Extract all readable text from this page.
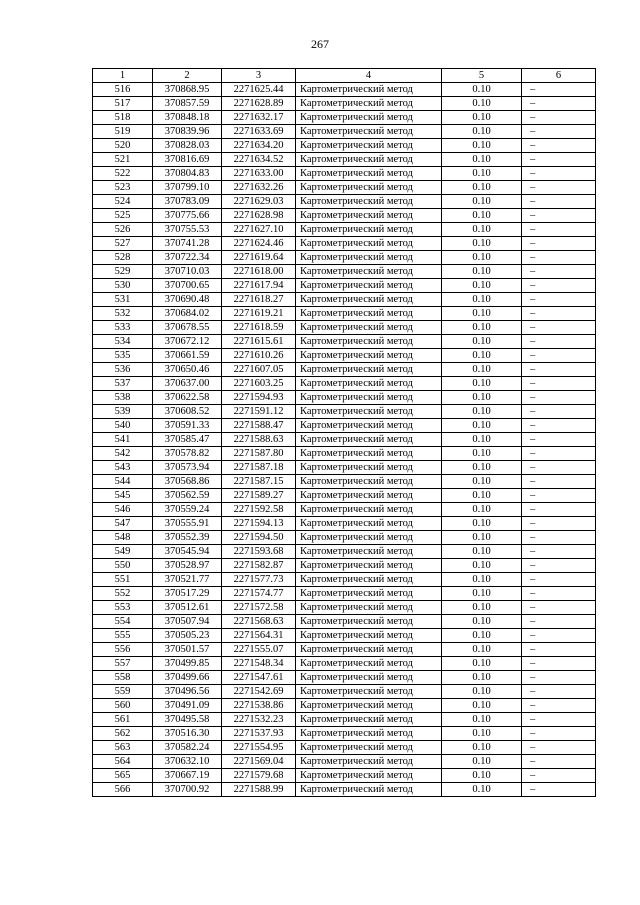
267
1	2	3	4	5	6
516	370868.95	2271625.44	Картометрический метод	0.10	–
517	370857.59	2271628.89	Картометрический метод	0.10	–
518	370848.18	2271632.17	Картометрический метод	0.10	–
519	370839.96	2271633.69	Картометрический метод	0.10	–
520	370828.03	2271634.20	Картометрический метод	0.10	–
521	370816.69	2271634.52	Картометрический метод	0.10	–
522	370804.83	2271633.00	Картометрический метод	0.10	–
523	370799.10	2271632.26	Картометрический метод	0.10	–
524	370783.09	2271629.03	Картометрический метод	0.10	–
525	370775.66	2271628.98	Картометрический метод	0.10	–
526	370755.53	2271627.10	Картометрический метод	0.10	–
527	370741.28	2271624.46	Картометрический метод	0.10	–
528	370722.34	2271619.64	Картометрический метод	0.10	–
529	370710.03	2271618.00	Картометрический метод	0.10	–
530	370700.65	2271617.94	Картометрический метод	0.10	–
531	370690.48	2271618.27	Картометрический метод	0.10	–
532	370684.02	2271619.21	Картометрический метод	0.10	–
533	370678.55	2271618.59	Картометрический метод	0.10	–
534	370672.12	2271615.61	Картометрический метод	0.10	–
535	370661.59	2271610.26	Картометрический метод	0.10	–
536	370650.46	2271607.05	Картометрический метод	0.10	–
537	370637.00	2271603.25	Картометрический метод	0.10	–
538	370622.58	2271594.93	Картометрический метод	0.10	–
539	370608.52	2271591.12	Картометрический метод	0.10	–
540	370591.33	2271588.47	Картометрический метод	0.10	–
541	370585.47	2271588.63	Картометрический метод	0.10	–
542	370578.82	2271587.80	Картометрический метод	0.10	–
543	370573.94	2271587.18	Картометрический метод	0.10	–
544	370568.86	2271587.15	Картометрический метод	0.10	–
545	370562.59	2271589.27	Картометрический метод	0.10	–
546	370559.24	2271592.58	Картометрический метод	0.10	–
547	370555.91	2271594.13	Картометрический метод	0.10	–
548	370552.39	2271594.50	Картометрический метод	0.10	–
549	370545.94	2271593.68	Картометрический метод	0.10	–
550	370528.97	2271582.87	Картометрический метод	0.10	–
551	370521.77	2271577.73	Картометрический метод	0.10	–
552	370517.29	2271574.77	Картометрический метод	0.10	–
553	370512.61	2271572.58	Картометрический метод	0.10	–
554	370507.94	2271568.63	Картометрический метод	0.10	–
555	370505.23	2271564.31	Картометрический метод	0.10	–
556	370501.57	2271555.07	Картометрический метод	0.10	–
557	370499.85	2271548.34	Картометрический метод	0.10	–
558	370499.66	2271547.61	Картометрический метод	0.10	–
559	370496.56	2271542.69	Картометрический метод	0.10	–
560	370491.09	2271538.86	Картометрический метод	0.10	–
561	370495.58	2271532.23	Картометрический метод	0.10	–
562	370516.30	2271537.93	Картометрический метод	0.10	–
563	370582.24	2271554.95	Картометрический метод	0.10	–
564	370632.10	2271569.04	Картометрический метод	0.10	–
565	370667.19	2271579.68	Картометрический метод	0.10	–
566	370700.92	2271588.99	Картометрический метод	0.10	–
